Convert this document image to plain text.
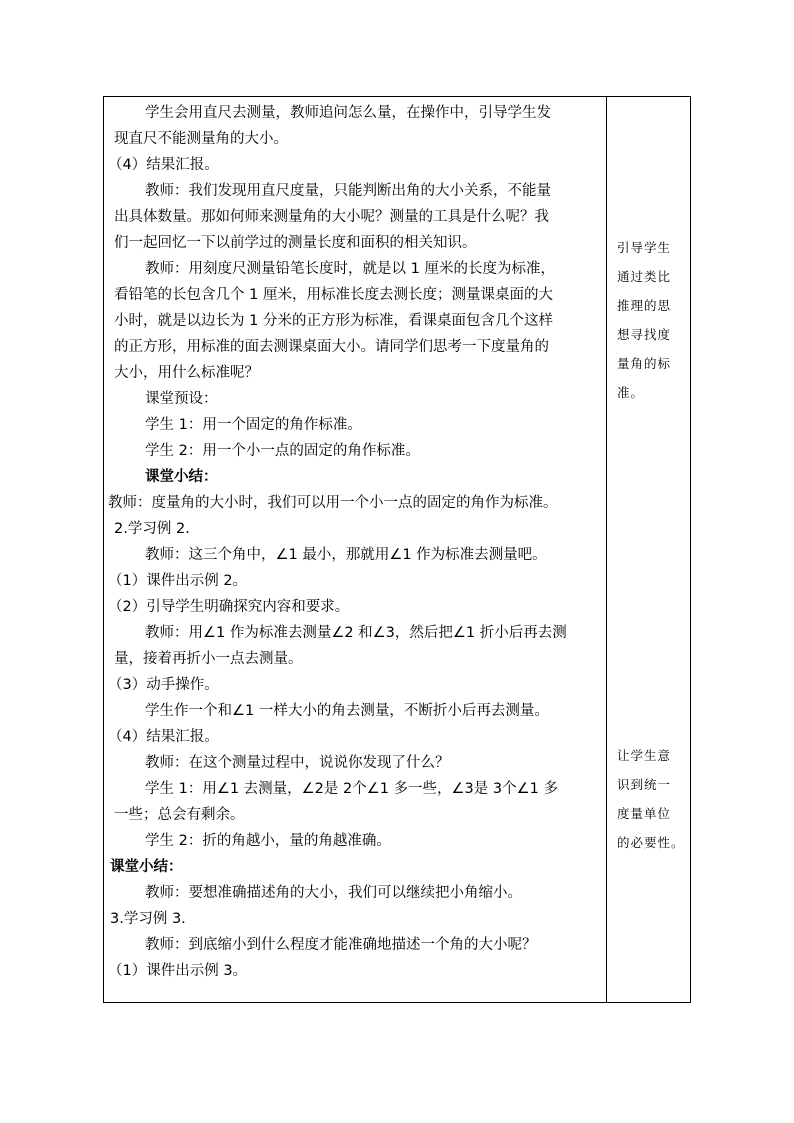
学生会用直尺去测量，教师追问怎么量，在操作中，引导学生发
现直尺不能测量角的大小。
（4）结果汇报。
教师：我们发现用直尺度量，只能判断出角的大小关系，不能量
出具体数量。那如何师来测量角的大小呢？测量的工具是什么呢？我
们一起回忆一下以前学过的测量长度和面积的相关知识。
教师：用刻度尺测量铅笔长度时，就是以 1 厘米的长度为标准，
看铅笔的长包含几个 1 厘米，用标准长度去测长度；测量课桌面的大
小时，就是以边长为 1 分米的正方形为标准，看课桌面包含几个这样
的正方形，用标准的面去测课桌面大小。请同学们思考一下度量角的
大小，用什么标准呢？
课堂预设：
学生 1：用一个固定的角作标准。
学生 2：用一个小一点的固定的角作标准。
课堂小结：
教师：度量角的大小时，我们可以用一个小一点的固定的角作为标准。
2.学习例 2.
教师：这三个角中，∠1 最小，那就用∠1 作为标准去测量吧。
（1）课件出示例 2。
（2）引导学生明确探究内容和要求。
教师：用∠1 作为标准去测量∠2 和∠3，然后把∠1 折小后再去测
量，接着再折小一点去测量。
（3）动手操作。
学生作一个和∠1 一样大小的角去测量，不断折小后再去测量。
（4）结果汇报。
教师：在这个测量过程中，说说你发现了什么？
学生 1：用∠1 去测量，∠2是 2个∠1 多一些，∠3是 3个∠1 多
一些；总会有剩余。
学生 2：折的角越小，量的角越准确。
课堂小结：
教师：要想准确描述角的大小，我们可以继续把小角缩小。
3.学习例 3.
教师：到底缩小到什么程度才能准确地描述一个角的大小呢？
（1）课件出示例 3。
引导学生
通过类比
推理的思
想寻找度
量角的标
准。
让学生意
识到统一
度量单位
的必要性。
